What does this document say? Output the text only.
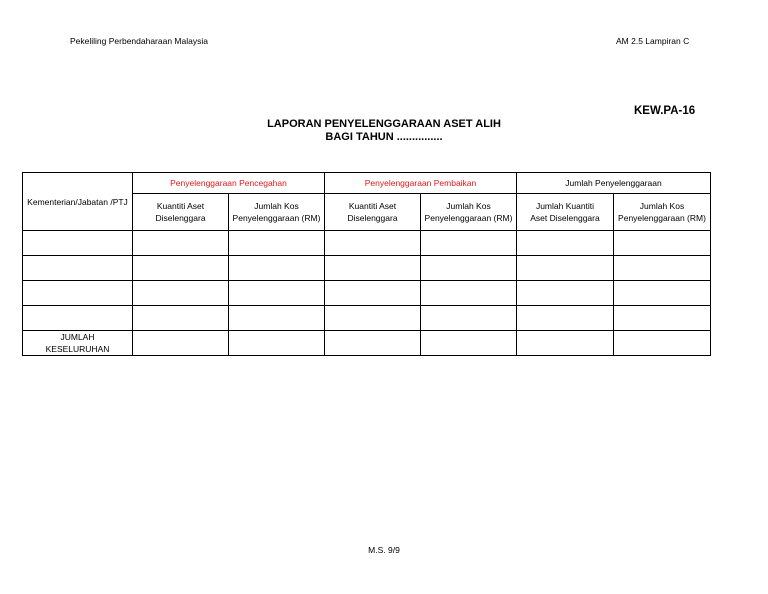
Pekeliling Perbendaharaan Malaysia	AM 2.5 Lampiran C
KEW.PA-16
LAPORAN PENYELENGGARAAN ASET ALIH
BAGI TAHUN ...............
Kementerian/Jabatan /PTJ	Penyelenggaraan Pencegahan		Penyelenggaraan Pembaikan		Jumlah Penyelenggaraan	
	Kuantiti Aset Diselenggara	Jumlah Kos Penyelenggaraan (RM)	Kuantiti Aset Diselenggara	Jumlah Kos Penyelenggaraan (RM)	Jumlah Kuantiti Aset Diselenggara	Jumlah Kos Penyelenggaraan (RM)

JUMLAH KESELURUHAN						
M.S. 9/9
